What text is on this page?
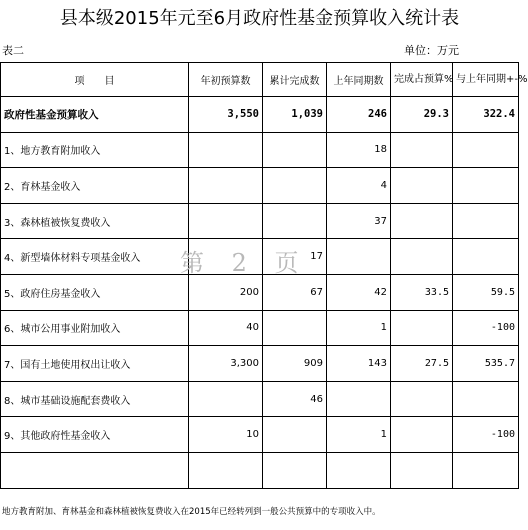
县本级2015年元至6月政府性基金预算收入统计表
表二	单位：万元
项　　目	年初预算数	累计完成数	上年同期数	完成占预算%	与上年同期+-%
政府性基金预算收入	3,550	1,039	246	29.3	322.4
1、地方教育附加收入			18		
2、育林基金收入			4		
3、森林植被恢复费收入			37		
4、新型墙体材料专项基金收入		17			
5、政府住房基金收入	200	67	42	33.5	59.5
6、城市公用事业附加收入	40		1		-100
7、国有土地使用权出让收入	3,300	909	143	27.5	535.7
8、城市基础设施配套费收入		46			
9、其他政府性基金收入	10		1		-100

第 2 页
地方教育附加、育林基金和森林植被恢复费收入在2015年已经转列到一般公共预算中的专项收入中。
